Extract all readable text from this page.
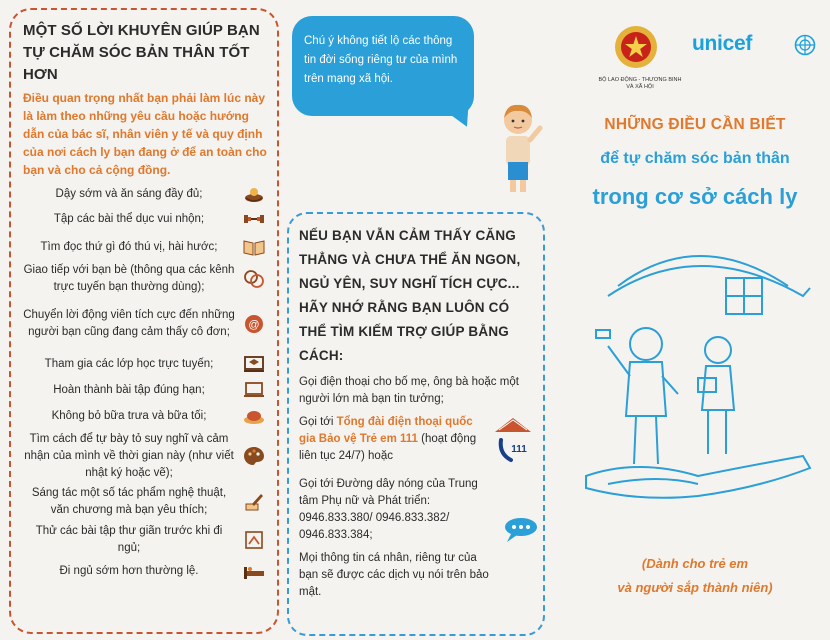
MỘT SỐ LỜI KHUYÊN GIÚP BẠN TỰ CHĂM SÓC BẢN THÂN TỐT HƠN
Điều quan trọng nhất bạn phải làm lúc này là làm theo những yêu cầu hoặc hướng dẫn của bác sĩ, nhân viên y tế và quy định của nơi cách ly bạn đang ở để an toàn cho bạn và cho cả cộng đồng.
Dậy sớm và ăn sáng đầy đủ;
Tập các bài thể dục vui nhộn;
Tìm đọc thứ gì đó thú vị, hài hước;
Giao tiếp với bạn bè (thông qua các kênh trực tuyến bạn thường dùng);
Chuyển lời động viên tích cực đến những người bạn cũng đang cảm thấy cô đơn;
@
Tham gia các lớp học trực tuyến;
Hoàn thành bài tập đúng hạn;
Không bỏ bữa trưa và bữa tối;
Tìm cách để tự bày tỏ suy nghĩ và cảm nhận của mình về thời gian này (như viết nhật ký hoặc vẽ);
Sáng tác một số tác phẩm nghệ thuật, văn chương mà bạn yêu thích;
Thử các bài tập thư giãn trước khi đi ngủ;
Đi ngủ sớm hơn thường lệ.
Chú ý không tiết lộ các thông tin đời sống riêng tư của mình trên mạng xã hội.
NẾU BẠN VẪN CẢM THẤY CĂNG THẲNG VÀ CHƯA THỂ ĂN NGON, NGỦ YÊN, SUY NGHĨ TÍCH CỰC... HÃY NHỚ RẰNG BẠN LUÔN CÓ THỂ TÌM KIẾM TRỢ GIÚP BẰNG CÁCH:
Gọi điện thoại cho bố mẹ, ông bà hoặc một người lớn mà bạn tin tưởng;
Gọi tới Tổng đài điện thoại quốc gia Bảo vệ Trẻ em 111 (hoạt động liên tục 24/7) hoặc
111
Gọi tới Đường dây nóng của Trung tâm Phụ nữ và Phát triển: 0946.833.380/ 0946.833.382/ 0946.833.384;
Mọi thông tin cá nhân, riêng tư của bạn sẽ được các dịch vụ nói trên bảo mật.
BỘ LAO ĐỘNG - THƯƠNG BINH VÀ XÃ HỘI
unicef
NHỮNG ĐIỀU CẦN BIẾT
để tự chăm sóc bản thân
trong cơ sở cách ly
(Dành cho trẻ em
và người sắp thành niên)
